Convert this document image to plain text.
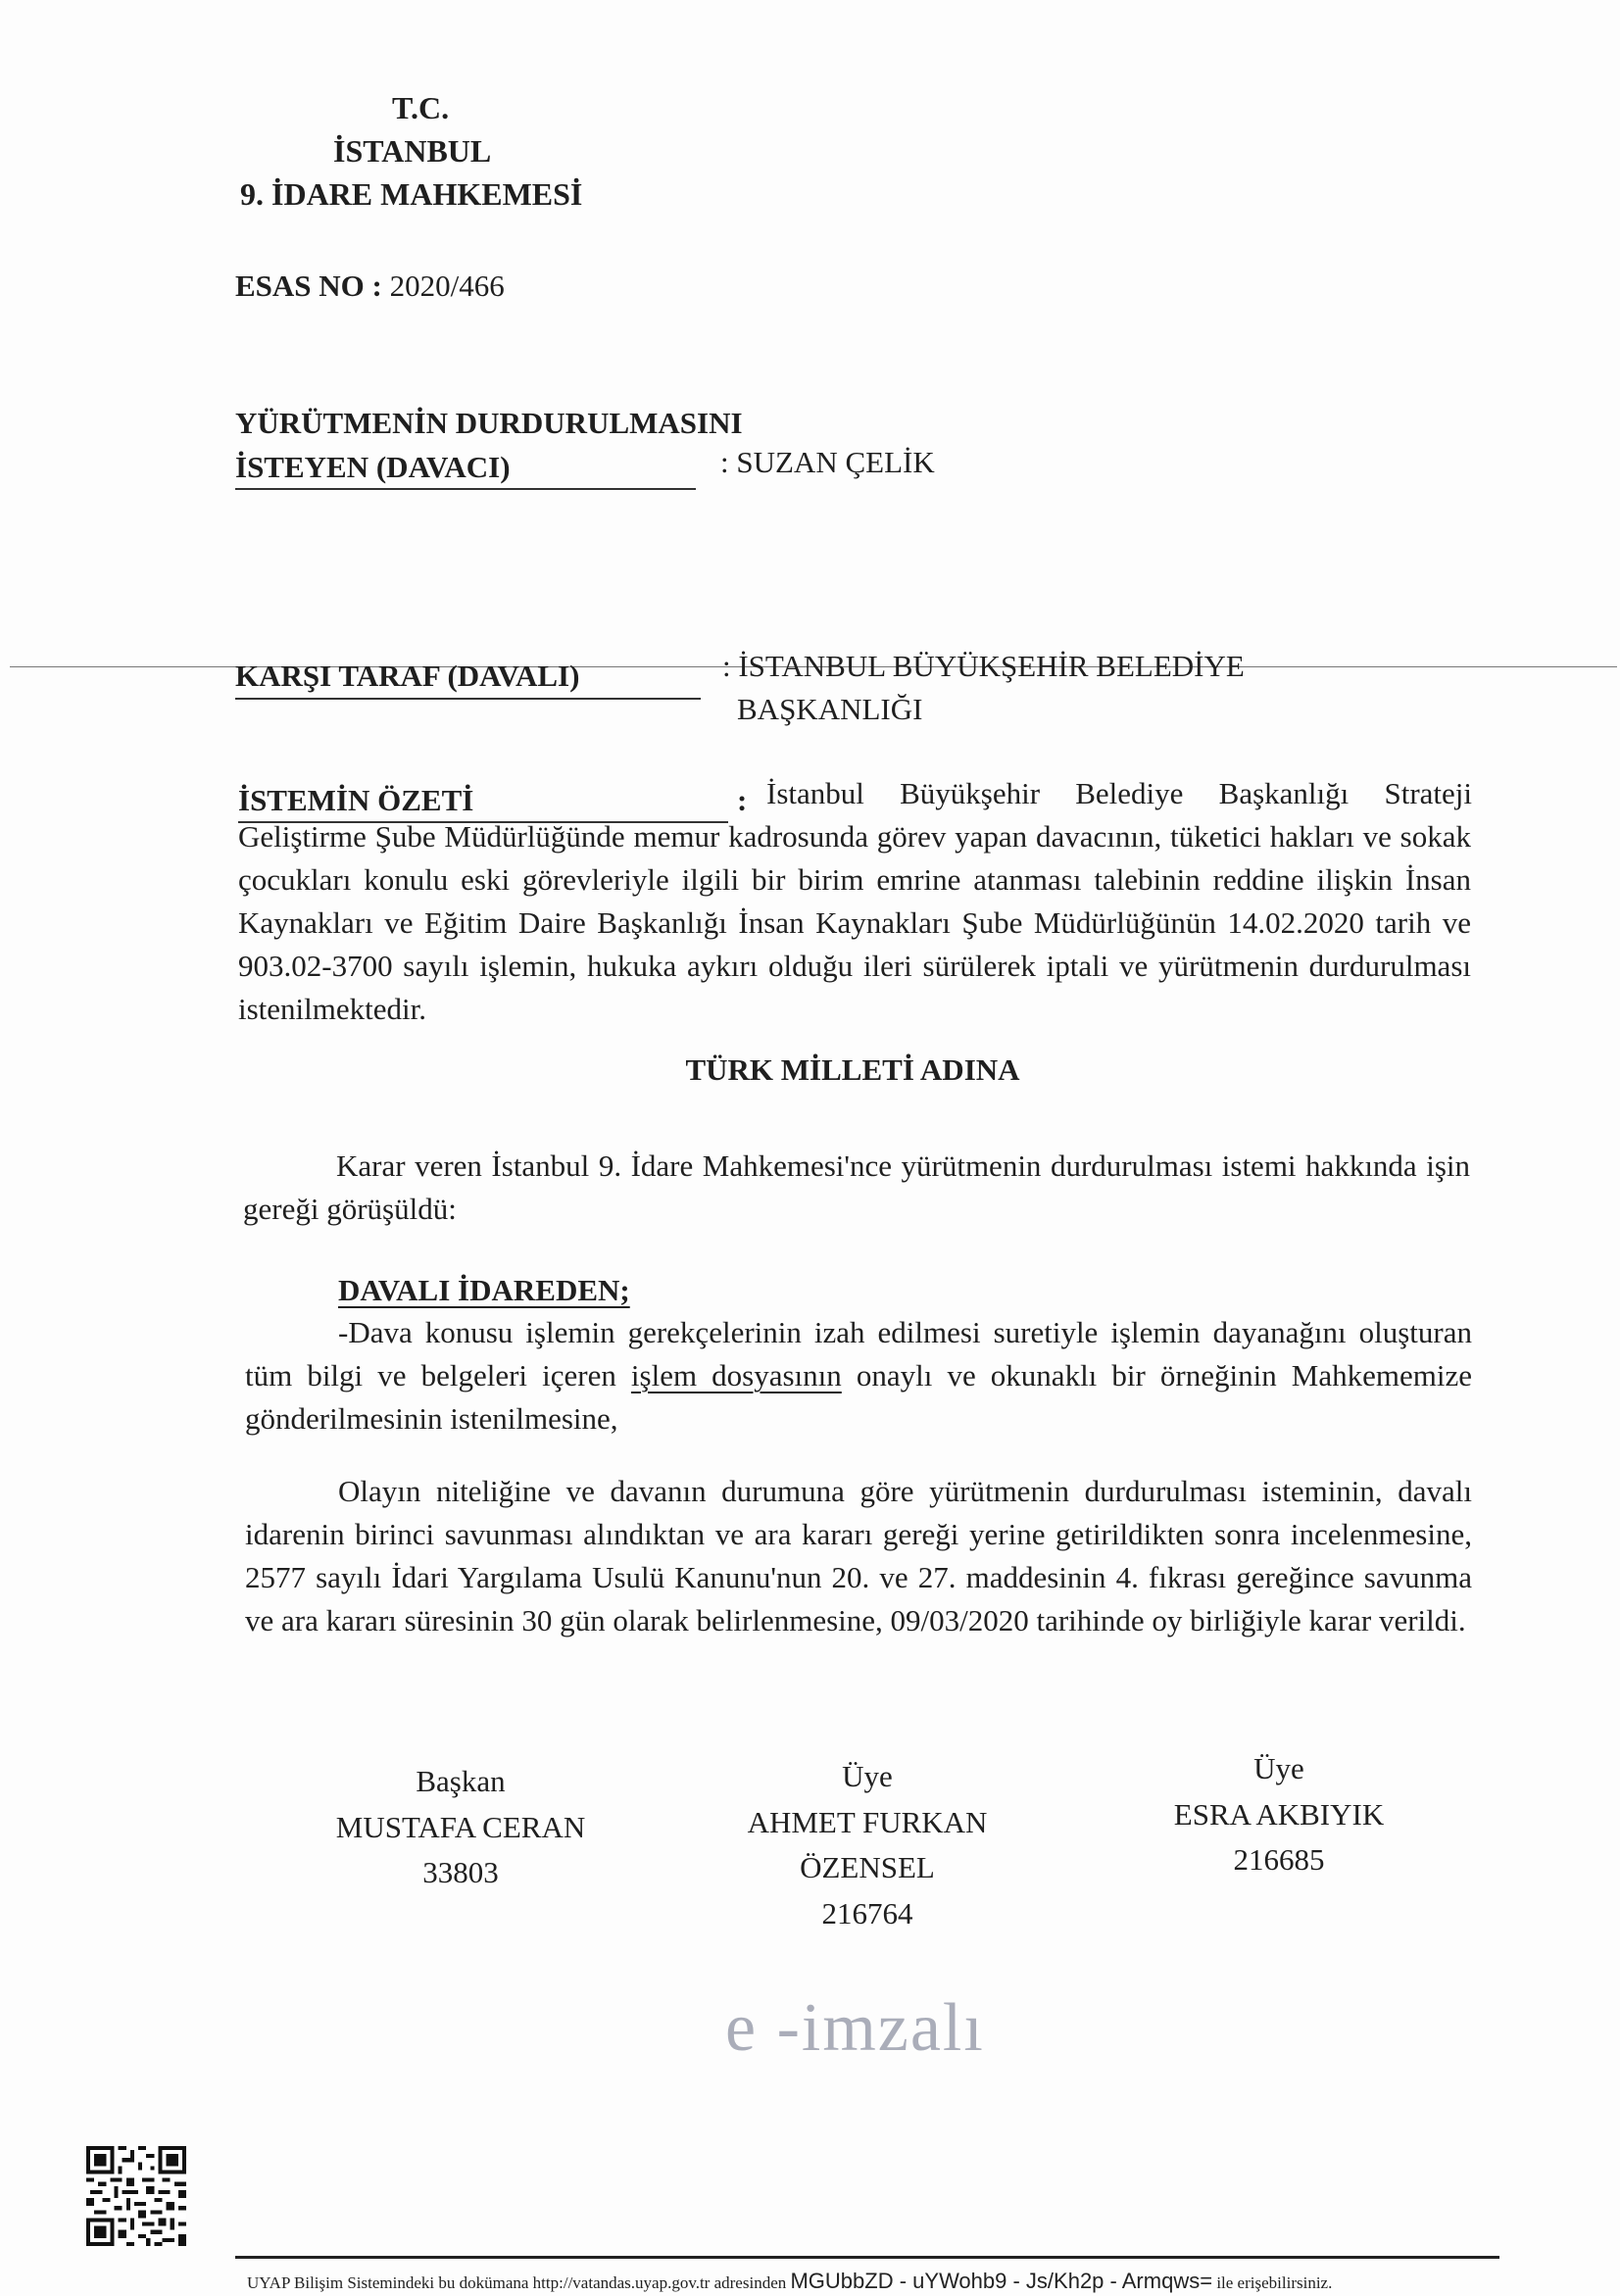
T.C.
İSTANBUL
9. İDARE MAHKEMESİ
ESAS NO : 2020/466
YÜRÜTMENİN DURDURULMASINI
İSTEYEN (DAVACI)	: SUZAN ÇELİK
KARŞI TARAF (DAVALI)	: İSTANBUL BÜYÜKŞEHİR BELEDİYE
BAŞKANLIĞI
İSTEMİN ÖZETİ	: İstanbul Büyükşehir Belediye Başkanlığı Strateji
Geliştirme Şube Müdürlüğünde memur kadrosunda görev yapan davacının, tüketici hakları ve sokak çocukları konulu eski görevleriyle ilgili bir birim emrine atanması talebinin reddine ilişkin İnsan Kaynakları ve Eğitim Daire Başkanlığı İnsan Kaynakları Şube Müdürlüğünün 14.02.2020 tarih ve 903.02-3700 sayılı işlemin, hukuka aykırı olduğu ileri sürülerek iptali ve yürütmenin durdurulması istenilmektedir.
TÜRK MİLLETİ ADINA
Karar veren İstanbul 9. İdare Mahkemesi'nce yürütmenin durdurulması istemi hakkında işin gereği görüşüldü:
DAVALI İDAREDEN;
-Dava konusu işlemin gerekçelerinin izah edilmesi suretiyle işlemin dayanağını oluşturan tüm bilgi ve belgeleri içeren işlem dosyasının onaylı ve okunaklı bir örneğinin Mahkememize gönderilmesinin istenilmesine,
Olayın niteliğine ve davanın durumuna göre yürütmenin durdurulması isteminin, davalı idarenin birinci savunması alındıktan ve ara kararı gereği yerine getirildikten sonra incelenmesine, 2577 sayılı İdari Yargılama Usulü Kanunu'nun 20. ve 27. maddesinin 4. fıkrası gereğince savunma ve ara kararı süresinin 30 gün olarak belirlenmesine, 09/03/2020 tarihinde oy birliğiyle karar verildi.
Başkan
MUSTAFA CERAN
33803
Üye
AHMET FURKAN
ÖZENSEL
216764
Üye
ESRA AKBIYIK
216685
e -imzalı
UYAP Bilişim Sistemindeki bu dokümana http://vatandas.uyap.gov.tr adresinden MGUbbZD - uYWohb9 - Js/Kh2p - Armqws= ile erişebilirsiniz.
